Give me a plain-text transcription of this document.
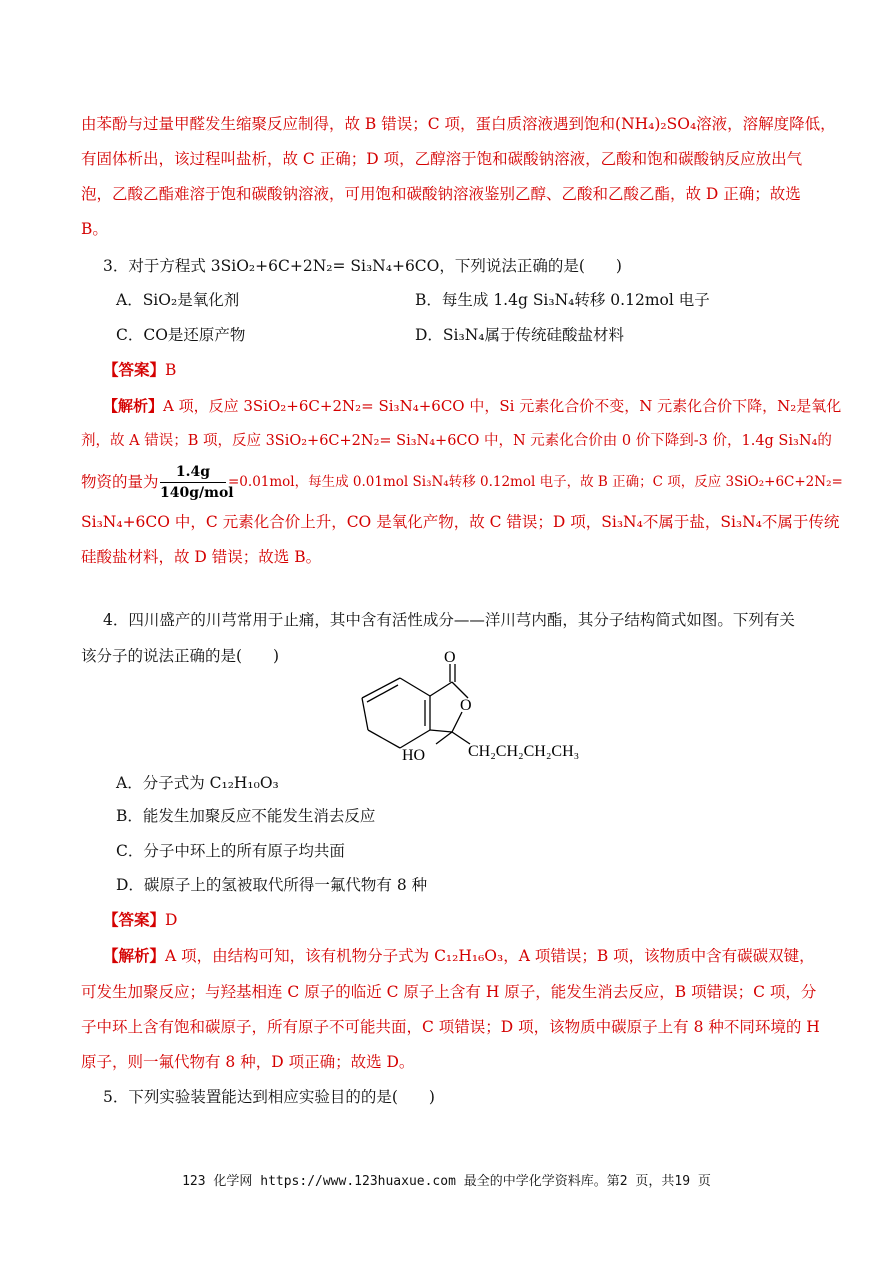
由苯酚与过量甲醛发生缩聚反应制得，故 B 错误；C 项，蛋白质溶液遇到饱和(NH₄)₂SO₄溶液，溶解度降低，
有固体析出，该过程叫盐析，故 C 正确；D 项，乙醇溶于饱和碳酸钠溶液，乙酸和饱和碳酸钠反应放出气
泡，乙酸乙酯难溶于饱和碳酸钠溶液，可用饱和碳酸钠溶液鉴别乙醇、乙酸和乙酸乙酯，故 D 正确；故选
B。
3．对于方程式 3SiO₂+6C+2N₂= Si₃N₄+6CO，下列说法正确的是(　　)
A．SiO₂是氧化剂	B．每生成 1.4g Si₃N₄转移 0.12mol 电子
C．CO是还原产物	D．Si₃N₄属于传统硅酸盐材料
【答案】B
【解析】A 项，反应 3SiO₂+6C+2N₂= Si₃N₄+6CO 中，Si 元素化合价不变，N 元素化合价下降，N₂是氧化
剂，故 A 错误；B 项，反应 3SiO₂+6C+2N₂= Si₃N₄+6CO 中，N 元素化合价由 0 价下降到-3 价，1.4g Si₃N₄的
物资的量为
1.4g
140g/mol
=0.01mol，每生成 0.01mol Si₃N₄转移 0.12mol 电子，故 B 正确；C 项，反应 3SiO₂+6C+2N₂=
Si₃N₄+6CO 中，C 元素化合价上升，CO 是氧化产物，故 C 错误；D 项，Si₃N₄不属于盐，Si₃N₄不属于传统
硅酸盐材料，故 D 错误；故选 B。
4．四川盛产的川芎常用于止痛，其中含有活性成分——洋川芎内酯，其分子结构简式如图。下列有关
该分子的说法正确的是(　　)	O
O
HO	CH₂CH₂CH₂CH₃
A．分子式为 C₁₂H₁₀O₃
B．能发生加聚反应不能发生消去反应
C．分子中环上的所有原子均共面
D．碳原子上的氢被取代所得一氟代物有 8 种
【答案】D
【解析】A 项，由结构可知，该有机物分子式为 C₁₂H₁₆O₃，A 项错误；B 项，该物质中含有碳碳双键，
可发生加聚反应；与羟基相连 C 原子的临近 C 原子上含有 H 原子，能发生消去反应，B 项错误；C 项，分
子中环上含有饱和碳原子，所有原子不可能共面，C 项错误；D 项，该物质中碳原子上有 8 种不同环境的 H
原子，则一氟代物有 8 种，D 项正确；故选 D。
5．下列实验装置能达到相应实验目的的是(　　)
123 化学网 https://www.123huaxue.com 最全的中学化学资料库。第2 页，共19 页
